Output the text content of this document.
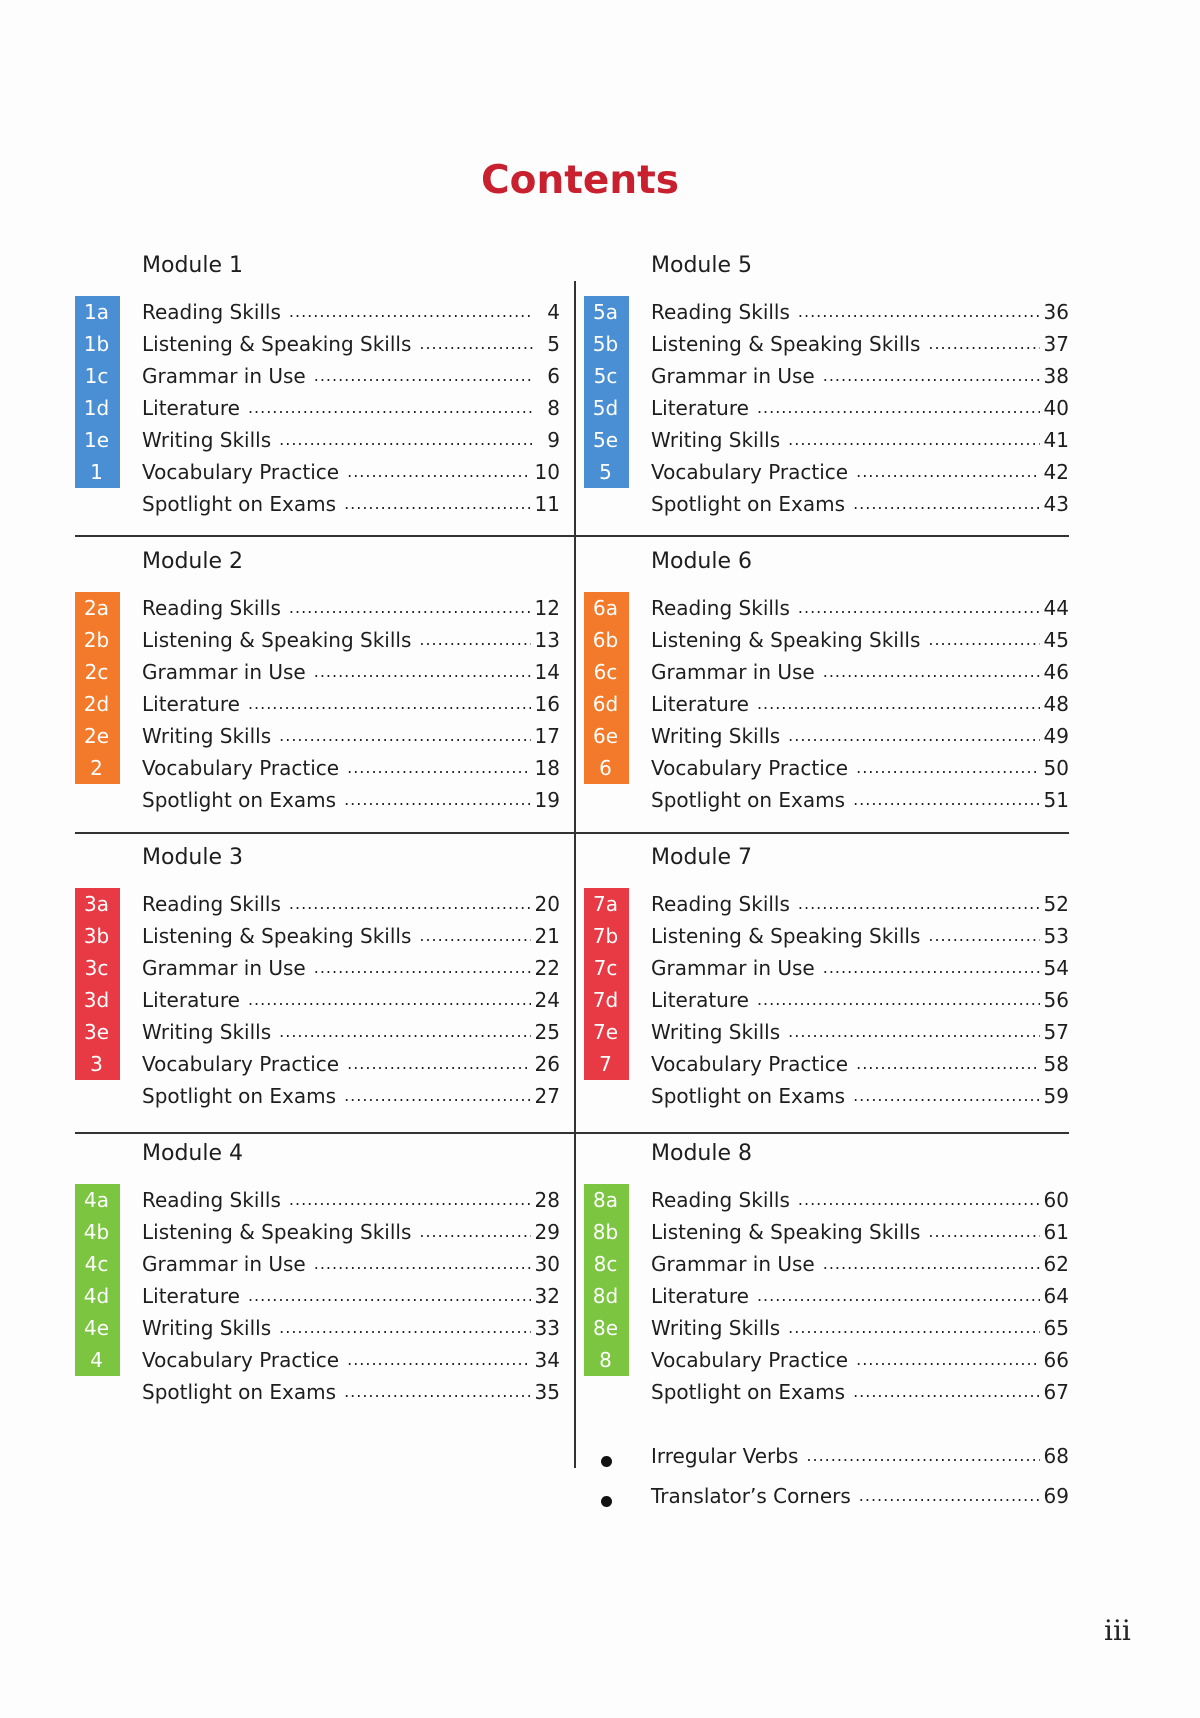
Contents
Module 1
1a	Reading Skills .....	4
1b	Listening & Speaking Skills .....	5
1c	Grammar in Use .....	6
1d	Literature .....	8
1e	Writing Skills .....	9
1	Vocabulary Practice .....	10
Spotlight on Exams .....	11
Module 2
2a	Reading Skills .....	12
2b	Listening & Speaking Skills .....	13
2c	Grammar in Use .....	14
2d	Literature .....	16
2e	Writing Skills .....	17
2	Vocabulary Practice .....	18
Spotlight on Exams .....	19
Module 3
3a	Reading Skills .....	20
3b	Listening & Speaking Skills .....	21
3c	Grammar in Use .....	22
3d	Literature .....	24
3e	Writing Skills .....	25
3	Vocabulary Practice .....	26
Spotlight on Exams .....	27
Module 4
4a	Reading Skills .....	28
4b	Listening & Speaking Skills .....	29
4c	Grammar in Use .....	30
4d	Literature .....	32
4e	Writing Skills .....	33
4	Vocabulary Practice .....	34
Spotlight on Exams .....	35
Module 5
5a	Reading Skills .....	36
5b	Listening & Speaking Skills .....	37
5c	Grammar in Use .....	38
5d	Literature .....	40
5e	Writing Skills .....	41
5	Vocabulary Practice .....	42
Spotlight on Exams .....	43
Module 6
6a	Reading Skills .....	44
6b	Listening & Speaking Skills .....	45
6c	Grammar in Use .....	46
6d	Literature .....	48
6e	Writing Skills .....	49
6	Vocabulary Practice .....	50
Spotlight on Exams .....	51
Module 7
7a	Reading Skills .....	52
7b	Listening & Speaking Skills .....	53
7c	Grammar in Use .....	54
7d	Literature .....	56
7e	Writing Skills .....	57
7	Vocabulary Practice .....	58
Spotlight on Exams .....	59
Module 8
8a	Reading Skills .....	60
8b	Listening & Speaking Skills .....	61
8c	Grammar in Use .....	62
8d	Literature .....	64
8e	Writing Skills .....	65
8	Vocabulary Practice .....	66
Spotlight on Exams .....	67
Irregular Verbs .....	68
Translator’s Corners .....	69
iii
